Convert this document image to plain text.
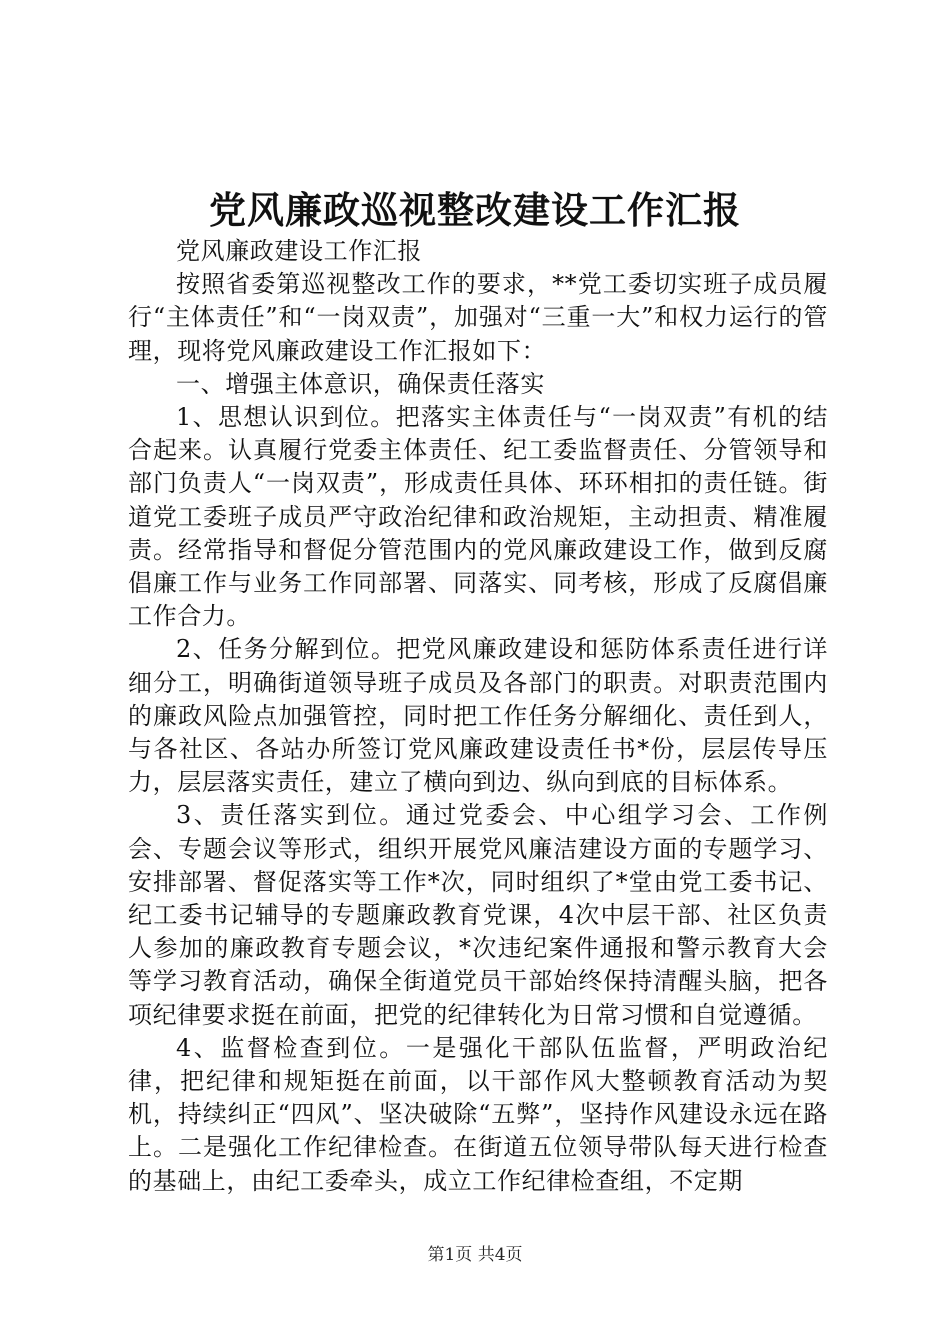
党风廉政巡视整改建设工作汇报

党风廉政建设工作汇报

按照省委第巡视整改工作的要求，**党工委切实班子成员履行“主体责任”和“一岗双责”，加强对“三重一大”和权力运行的管理，现将党风廉政建设工作汇报如下：

一、增强主体意识，确保责任落实

1、思想认识到位。把落实主体责任与“一岗双责”有机的结合起来。认真履行党委主体责任、纪工委监督责任、分管领导和部门负责人“一岗双责”，形成责任具体、环环相扣的责任链。街道党工委班子成员严守政治纪律和政治规矩，主动担责、精准履责。经常指导和督促分管范围内的党风廉政建设工作，做到反腐倡廉工作与业务工作同部署、同落实、同考核，形成了反腐倡廉工作合力。

2、任务分解到位。把党风廉政建设和惩防体系责任进行详细分工，明确街道领导班子成员及各部门的职责。对职责范围内的廉政风险点加强管控，同时把工作任务分解细化、责任到人，与各社区、各站办所签订党风廉政建设责任书*份，层层传导压力，层层落实责任，建立了横向到边、纵向到底的目标体系。

3、责任落实到位。通过党委会、中心组学习会、工作例会、专题会议等形式，组织开展党风廉洁建设方面的专题学习、安排部署、督促落实等工作*次，同时组织了*堂由党工委书记、纪工委书记辅导的专题廉政教育党课，4次中层干部、社区负责人参加的廉政教育专题会议，*次违纪案件通报和警示教育大会等学习教育活动，确保全街道党员干部始终保持清醒头脑，把各项纪律要求挺在前面，把党的纪律转化为日常习惯和自觉遵循。

4、监督检查到位。一是强化干部队伍监督，严明政治纪律，把纪律和规矩挺在前面，以干部作风大整顿教育活动为契机，持续纠正“四风”、坚决破除“五弊”，坚持作风建设永远在路上。二是强化工作纪律检查。在街道五位领导带队每天进行检查的基础上，由纪工委牵头，成立工作纪律检查组，不定期

第1页 共4页
